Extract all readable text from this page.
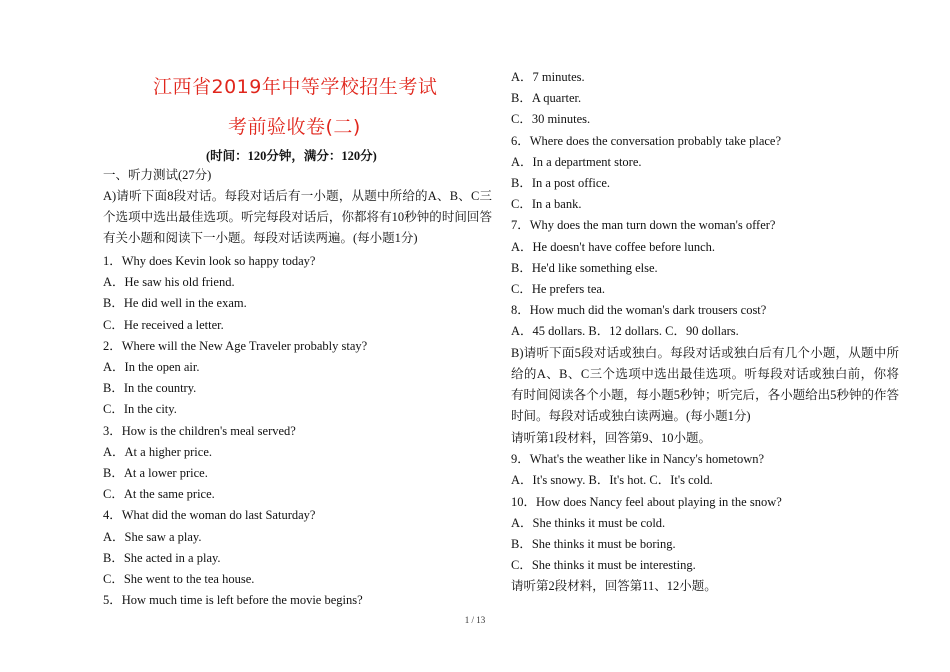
江西省2019年中等学校招生考试
考前验收卷(二)
(时间：120分钟，满分：120分)
一、听力测试(27分)
A)请听下面8段对话。每段对话后有一小题，从题中所给的A、B、C三个选项中选出最佳选项。听完每段对话后，你都将有10秒钟的时间回答有关小题和阅读下一小题。每段对话读两遍。(每小题1分)
1．Why does Kevin look so happy today?
A．He saw his old friend.
B．He did well in the exam.
C．He received a letter.
2．Where will the New Age Traveler probably stay?
A．In the open air.
B．In the country.
C．In the city.
3．How is the children's meal served?
A．At a higher price.
B．At a lower price.
C．At the same price.
4．What did the woman do last Saturday?
A．She saw a play.
B．She acted in a play.
C．She went to the tea house.
5．How much time is left before the movie begins?
A．7 minutes.
B．A quarter.
C．30 minutes.
6．Where does the conversation probably take place?
A．In a department store.
B．In a post office.
C．In a bank.
7．Why does the man turn down the woman's offer?
A．He doesn't have coffee before lunch.
B．He'd like something else.
C．He prefers tea.
8．How much did the woman's dark trousers cost?
A．45 dollars. B．12 dollars. C．90 dollars.
B)请听下面5段对话或独白。每段对话或独白后有几个小题，从题中所给的A、B、C三个选项中选出最佳选项。听每段对话或独白前，你将有时间阅读各个小题，每小题5秒钟；听完后，各小题给出5秒钟的作答时间。每段对话或独白读两遍。(每小题1分)
请听第1段材料，回答第9、10小题。
9．What's the weather like in Nancy's hometown?
A．It's snowy. B．It's hot. C．It's cold.
10．How does Nancy feel about playing in the snow?
A．She thinks it must be cold.
B．She thinks it must be boring.
C．She thinks it must be interesting.
请听第2段材料，回答第11、12小题。
1 / 13
